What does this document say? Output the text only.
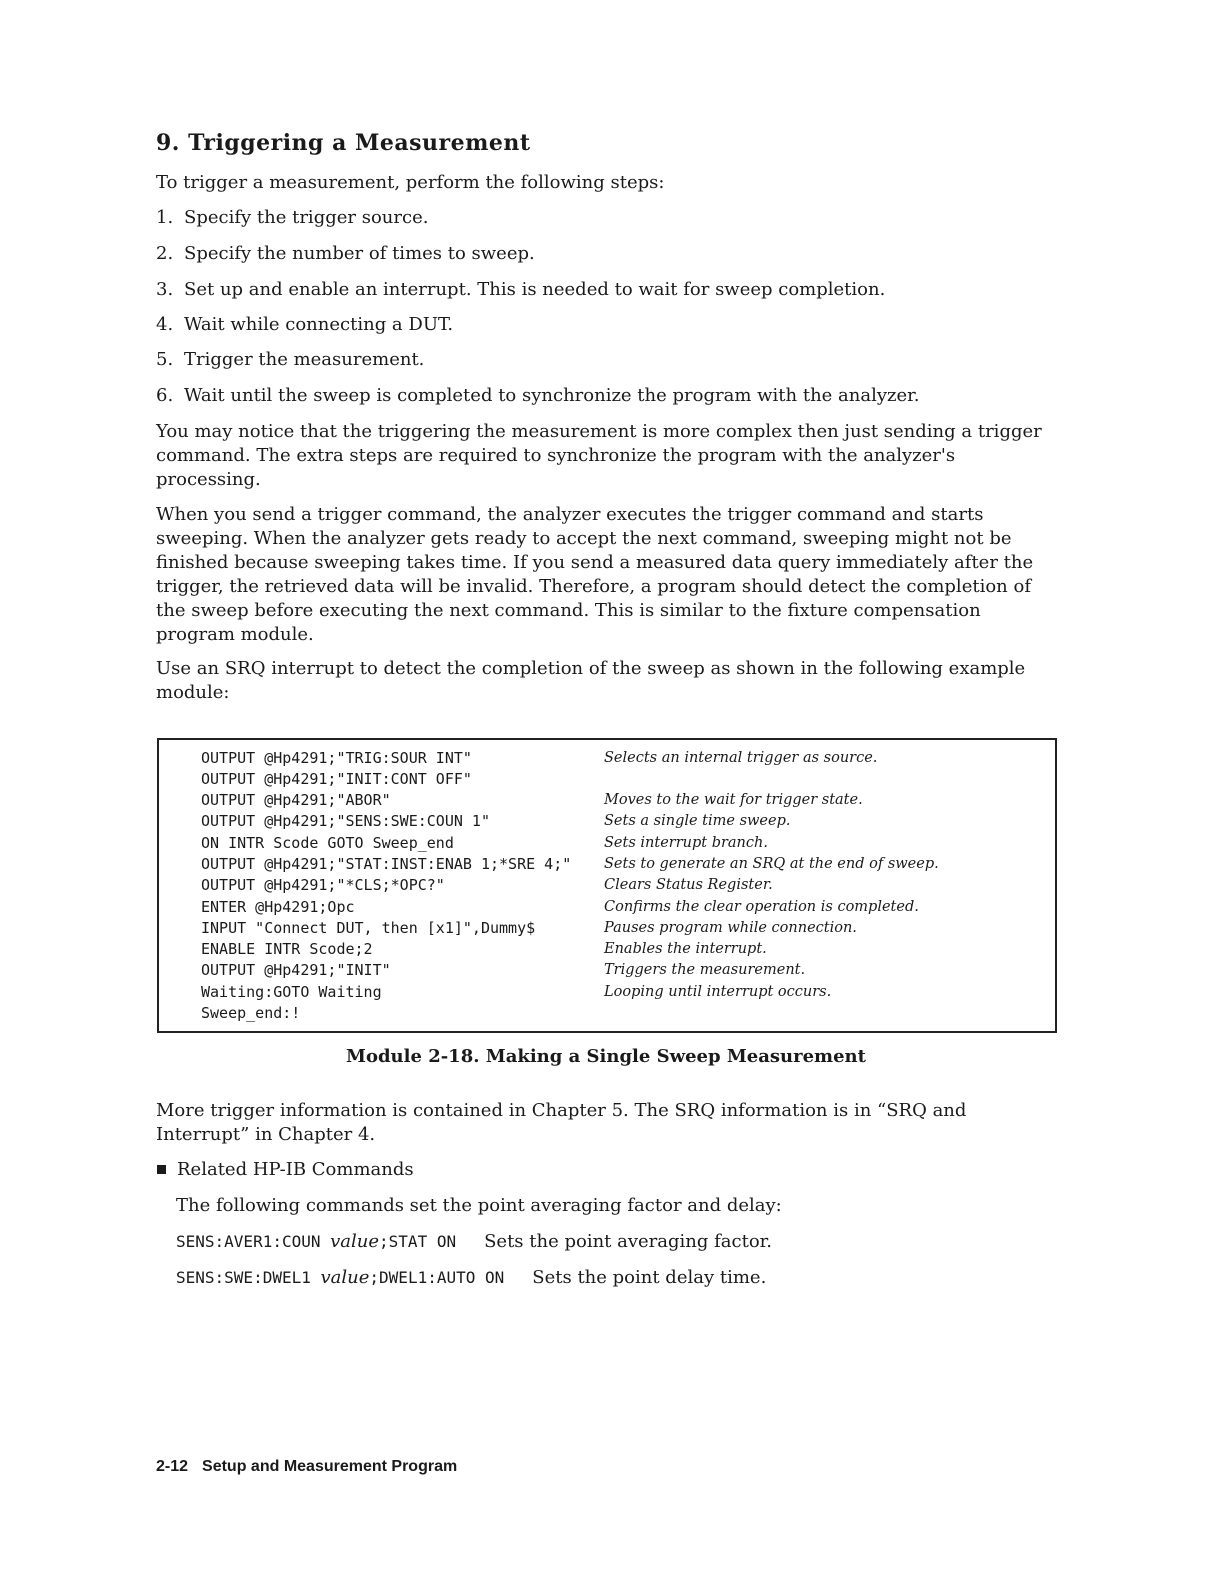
9. Triggering a Measurement
To trigger a measurement, perform the following steps:
1. Specify the trigger source.
2. Specify the number of times to sweep.
3. Set up and enable an interrupt. This is needed to wait for sweep completion.
4. Wait while connecting a DUT.
5. Trigger the measurement.
6. Wait until the sweep is completed to synchronize the program with the analyzer.
You may notice that the triggering the measurement is more complex then just sending a trigger command. The extra steps are required to synchronize the program with the analyzer's processing.
When you send a trigger command, the analyzer executes the trigger command and starts sweeping. When the analyzer gets ready to accept the next command, sweeping might not be finished because sweeping takes time. If you send a measured data query immediately after the trigger, the retrieved data will be invalid. Therefore, a program should detect the completion of the sweep before executing the next command. This is similar to the fixture compensation program module.
Use an SRQ interrupt to detect the completion of the sweep as shown in the following example module:
OUTPUT @Hp4291;"TRIG:SOUR INT"	Selects an internal trigger as source.
OUTPUT @Hp4291;"INIT:CONT OFF"
OUTPUT @Hp4291;"ABOR"	Moves to the wait for trigger state.
OUTPUT @Hp4291;"SENS:SWE:COUN 1"	Sets a single time sweep.
ON INTR Scode GOTO Sweep_end	Sets interrupt branch.
OUTPUT @Hp4291;"STAT:INST:ENAB 1;*SRE 4;" Sets to generate an SRQ at the end of sweep.
OUTPUT @Hp4291;"*CLS;*OPC?"	Clears Status Register.
ENTER @Hp4291;Opc	Confirms the clear operation is completed.
INPUT "Connect DUT, then [x1]",Dummy$	Pauses program while connection.
ENABLE INTR Scode;2	Enables the interrupt.
OUTPUT @Hp4291;"INIT"	Triggers the measurement.
Waiting:GOTO Waiting	Looping until interrupt occurs.
Sweep_end:!
Module 2-18. Making a Single Sweep Measurement
More trigger information is contained in Chapter 5. The SRQ information is in “SRQ and Interrupt” in Chapter 4.
Related HP-IB Commands
The following commands set the point averaging factor and delay:
SENS:AVER1:COUN value;STAT ON Sets the point averaging factor.
SENS:SWE:DWEL1 value;DWEL1:AUTO ON Sets the point delay time.
2-12 Setup and Measurement Program
